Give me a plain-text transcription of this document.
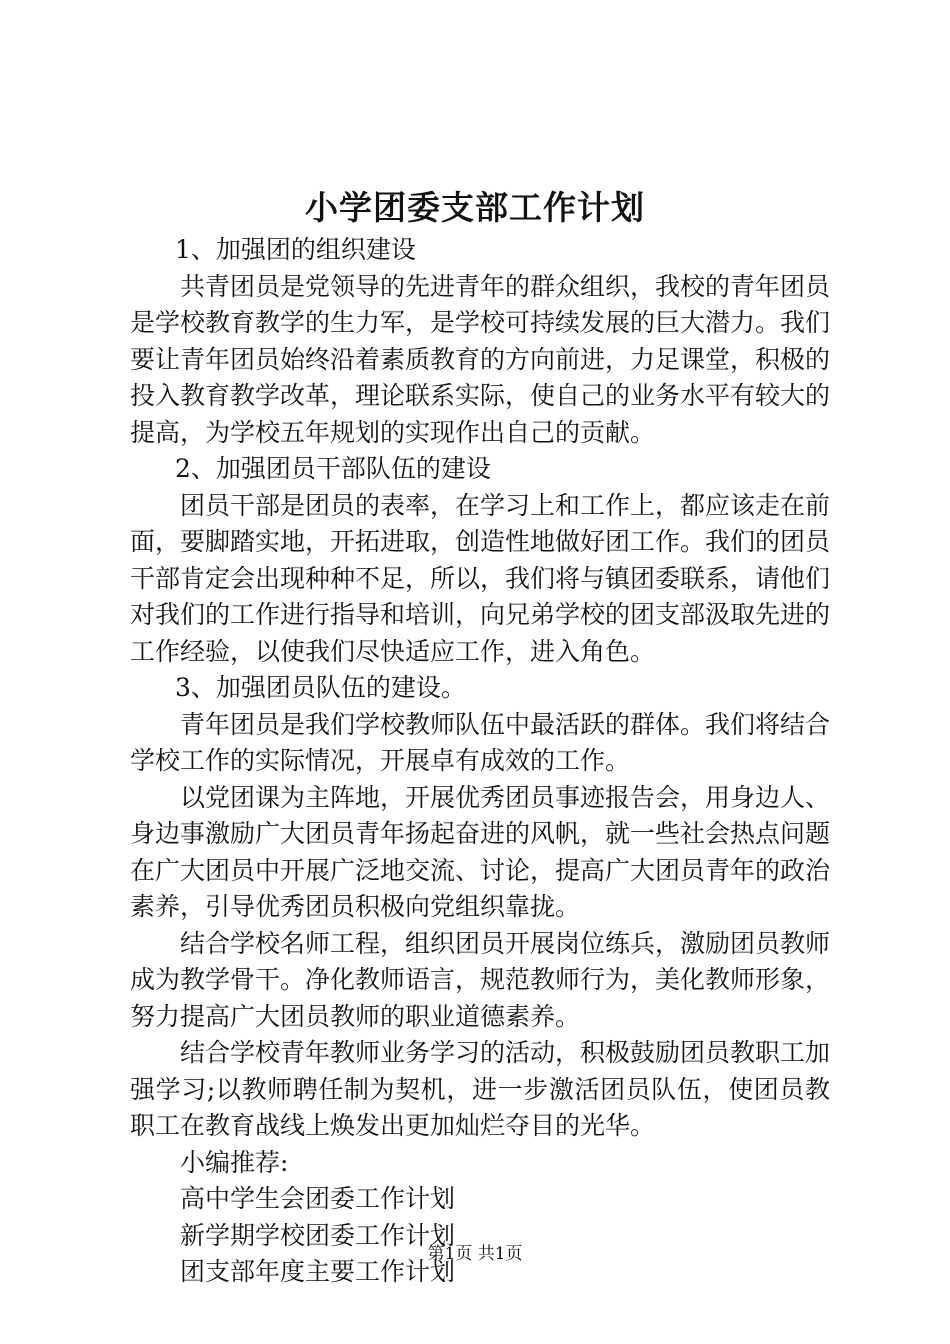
小学团委支部工作计划

1、加强团的组织建设

共青团员是党领导的先进青年的群众组织，我校的青年团员是学校教育教学的生力军，是学校可持续发展的巨大潜力。我们要让青年团员始终沿着素质教育的方向前进，力足课堂，积极的投入教育教学改革，理论联系实际，使自己的业务水平有较大的提高，为学校五年规划的实现作出自己的贡献。

2、加强团员干部队伍的建设

团员干部是团员的表率，在学习上和工作上，都应该走在前面，要脚踏实地，开拓进取，创造性地做好团工作。我们的团员干部肯定会出现种种不足，所以，我们将与镇团委联系，请他们对我们的工作进行指导和培训，向兄弟学校的团支部汲取先进的工作经验，以使我们尽快适应工作，进入角色。

3、加强团员队伍的建设。

青年团员是我们学校教师队伍中最活跃的群体。我们将结合学校工作的实际情况，开展卓有成效的工作。

以党团课为主阵地，开展优秀团员事迹报告会，用身边人、身边事激励广大团员青年扬起奋进的风帆，就一些社会热点问题在广大团员中开展广泛地交流、讨论，提高广大团员青年的政治素养，引导优秀团员积极向党组织靠拢。

结合学校名师工程，组织团员开展岗位练兵，激励团员教师成为教学骨干。净化教师语言，规范教师行为，美化教师形象，努力提高广大团员教师的职业道德素养。

结合学校青年教师业务学习的活动，积极鼓励团员教职工加强学习;以教师聘任制为契机，进一步激活团员队伍，使团员教职工在教育战线上焕发出更加灿烂夺目的光华。

小编推荐:

高中学生会团委工作计划

新学期学校团委工作计划

团支部年度主要工作计划

第1页 共1页
